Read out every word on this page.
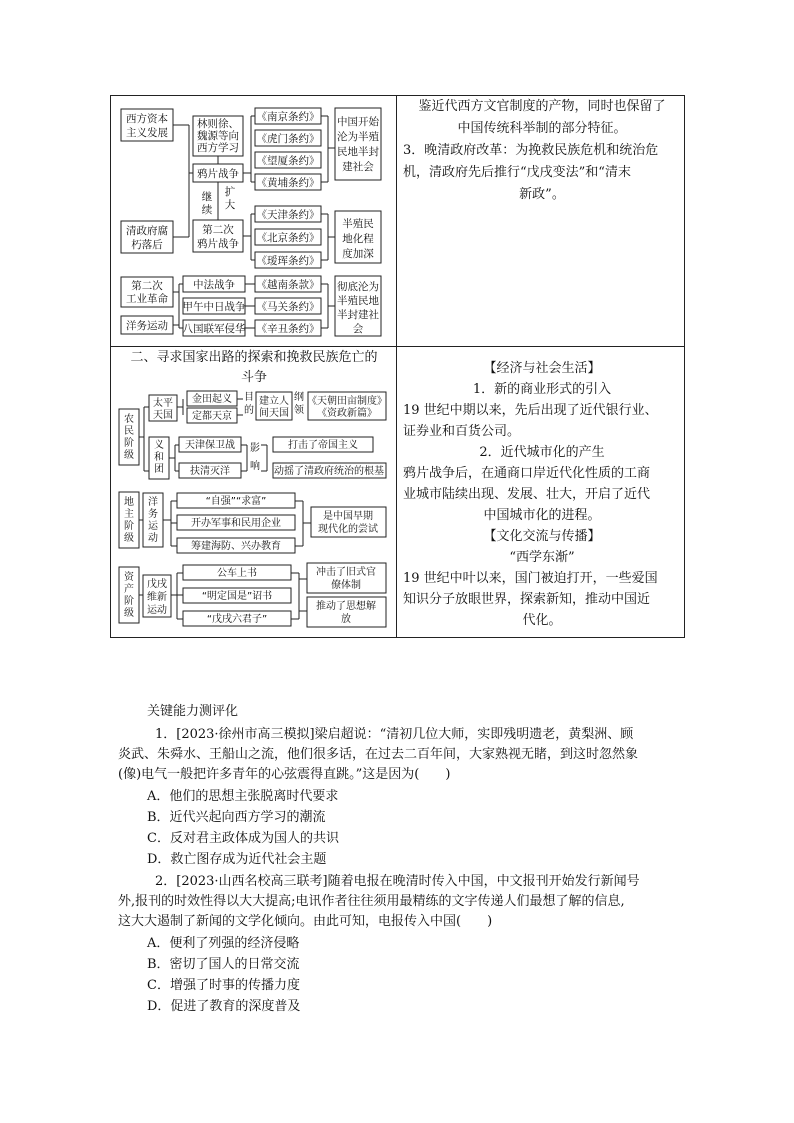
西方资本
主义发展
清政府腐
朽落后
第二次
工业革命
洋务运动
林则徐、
魏源等向
西方学习
鸦片战争
继
续
扩
大
第二次
鸦片战争
《南京条约》
《虎门条约》
《望厦条约》
《黄埔条约》
中国开始
沦为半殖
民地半封
建社会
《天津条约》
《北京条约》
《瑷珲条约》
半殖民
地化程
度加深
中法战争
甲午中日战争
八国联军侵华
《越南条款》
《马关条约》
《辛丑条约》
彻底沦为
半殖民地
半封建社
会
鉴近代西方文官制度的产物，同时也保留了
中国传统科举制的部分特征。
3．晚清政府改革：为挽救民族危机和统治危
机，清政府先后推行“戊戌变法”和“清末
新政”。
二、寻求国家出路的探索和挽救民族危亡的
斗争
农
民
阶
级
太平
天国
金田起义
定都天京
目
的
建立人
间天国
纲
领
《天朝田亩制度》
《资政新篇》
义
和
团
天津保卫战
扶清灭洋
影
响
打击了帝国主义
动摇了清政府统治的根基
地
主
阶
级
洋
务
运
动
“自强”“求富”
开办军事和民用企业
筹建海防、兴办教育
是中国早期
现代化的尝试
资
产
阶
级
戊戌
维新
运动
公车上书
“明定国是”诏书
“戊戌六君子”
冲击了旧式官
僚体制
推动了思想解
放
【经济与社会生活】
1．新的商业形式的引入
19 世纪中期以来，先后出现了近代银行业、
证券业和百货公司。
2．近代城市化的产生
鸦片战争后，在通商口岸近代化性质的工商
业城市陆续出现、发展、壮大，开启了近代
中国城市化的进程。
【文化交流与传播】
“西学东渐”
19 世纪中叶以来，国门被迫打开，一些爱国
知识分子放眼世界，探索新知，推动中国近
代化。
关键能力测评化
1．[2023·徐州市高三模拟]梁启超说：“清初几位大师，实即残明遗老，黄梨洲、顾
炎武、朱舜水、王船山之流，他们很多话，在过去二百年间，大家熟视无睹，到这时忽然象
(像)电气一般把许多青年的心弦震得直跳。”这是因为(　　)
A．他们的思想主张脱离时代要求
B．近代兴起向西方学习的潮流
C．反对君主政体成为国人的共识
D．救亡图存成为近代社会主题
2．[2023·山西名校高三联考]随着电报在晚清时传入中国，中文报刊开始发行新闻号
外,报刊的时效性得以大大提高;电讯作者往往须用最精练的文字传递人们最想了解的信息,
这大大遏制了新闻的文学化倾向。由此可知，电报传入中国(　　)
A．便利了列强的经济侵略
B．密切了国人的日常交流
C．增强了时事的传播力度
D．促进了教育的深度普及
